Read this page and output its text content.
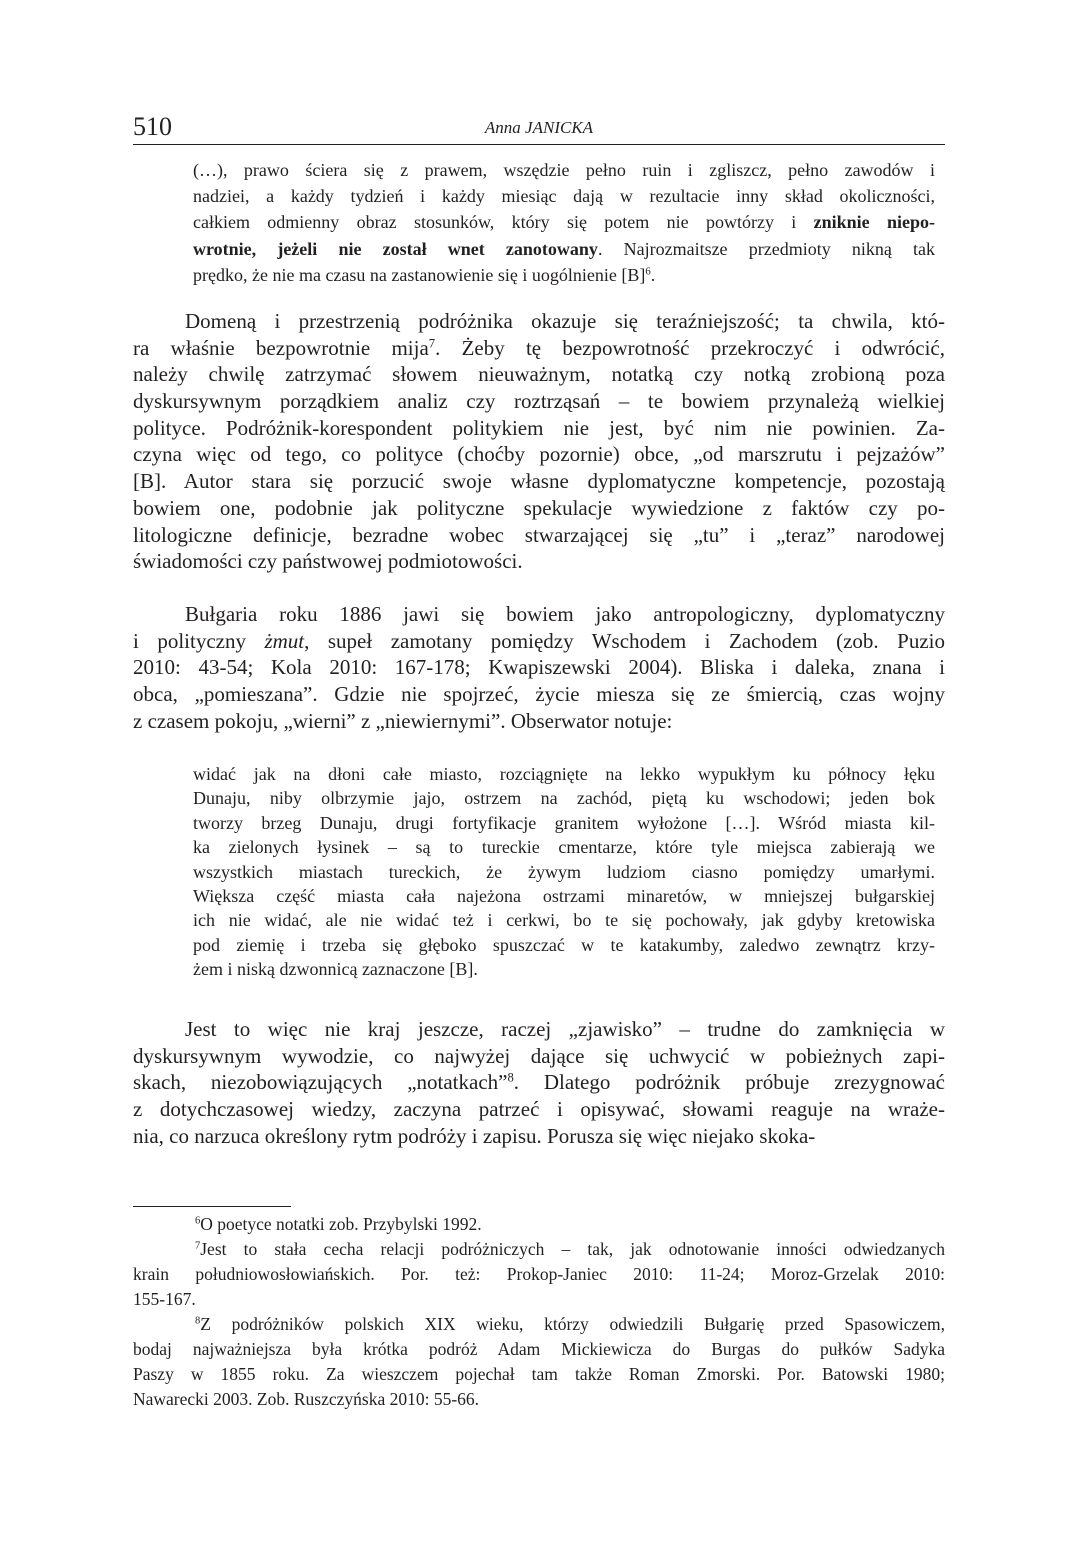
510	Anna JANICKA
(…), prawo ściera się z prawem, wszędzie pełno ruin i zgliszcz, pełno zawodów i
nadziei, a każdy tydzień i każdy miesiąc dają w rezultacie inny skład okoliczności,
całkiem odmienny obraz stosunków, który się potem nie powtórzy i zniknie niepo-
wrotnie, jeżeli nie został wnet zanotowany. Najrozmaitsze przedmioty nikną tak
prędko, że nie ma czasu na zastanowienie się i uogólnienie $[B]^6$.
Domeną i przestrzenią podróżnika okazuje się teraźniejszość; ta chwila, któ-
ra właśnie bezpowrotnie mija$^7$. Żeby tę bezpowrotność przekroczyć i odwrócić,
należy chwilę zatrzymać słowem nieuważnym, notatką czy notką zrobioną poza
dyskursywnym porządkiem analiz czy roztrząsań – te bowiem przynależą wielkiej
polityce. Podróżnik-korespondent politykiem nie jest, być nim nie powinien. Za-
czyna więc od tego, co polityce (choćby pozornie) obce, „od marszrutu i pejzażów”
[B]. Autor stara się porzucić swoje własne dyplomatyczne kompetencje, pozostają
bowiem one, podobnie jak polityczne spekulacje wywiedzione z faktów czy po-
litologiczne definicje, bezradne wobec stwarzającej się „tu” i „teraz” narodowej
świadomości czy państwowej podmiotowości.
Bułgaria roku 1886 jawi się bowiem jako antropologiczny, dyplomatyczny
i polityczny żmut, supeł zamotany pomiędzy Wschodem i Zachodem (zob. Puzio
2010: 43-54; Kola 2010: 167-178; Kwapiszewski 2004). Bliska i daleka, znana i
obca, „pomieszana”. Gdzie nie spojrzeć, życie miesza się ze śmiercią, czas wojny
z czasem pokoju, „wierni” z „niewiernymi”. Obserwator notuje:
widać jak na dłoni całe miasto, rozciągnięte na lekko wypukłym ku północy łęku
Dunaju, niby olbrzymie jajo, ostrzem na zachód, piętą ku wschodowi; jeden bok
tworzy brzeg Dunaju, drugi fortyfikacje granitem wyłożone […]. Wśród miasta kil-
ka zielonych łysinek – są to tureckie cmentarze, które tyle miejsca zabierają we
wszystkich miastach tureckich, że żywym ludziom ciasno pomiędzy umarłymi.
Większa część miasta cała najeżona ostrzami minaretów, w mniejszej bułgarskiej
ich nie widać, ale nie widać też i cerkwi, bo te się pochowały, jak gdyby kretowiska
pod ziemię i trzeba się głęboko spuszczać w te katakumby, zaledwo zewnątrz krzy-
żem i niską dzwonnicą zaznaczone [B].
Jest to więc nie kraj jeszcze, raczej „zjawisko” – trudne do zamknięcia w
dyskursywnym wywodzie, co najwyżej dające się uchwycić w pobieżnych zapi-
skach, niezobowiązujących „notatkach”$^8$. Dlatego podróżnik próbuje zrezygnować
z dotychczasowej wiedzy, zaczyna patrzeć i opisywać, słowami reaguje na wraże-
nia, co narzuca określony rytm podróży i zapisu. Porusza się więc niejako skoka-
$^6$O poetyce notatki zob. Przybylski 1992.
$^7$Jest to stała cecha relacji podróżniczych – tak, jak odnotowanie inności odwiedzanych
krain południowosłowiańskich. Por. też: Prokop-Janiec 2010: 11-24; Moroz-Grzelak 2010:
155-167.
$^8$Z podróżników polskich XIX wieku, którzy odwiedzili Bułgarię przed Spasowiczem,
bodaj najważniejsza była krótka podróż Adam Mickiewicza do Burgas do pułków Sadyka
Paszy w 1855 roku. Za wieszczem pojechał tam także Roman Zmorski. Por. Batowski 1980;
Nawarecki 2003. Zob. Ruszczyńska 2010: 55-66.
